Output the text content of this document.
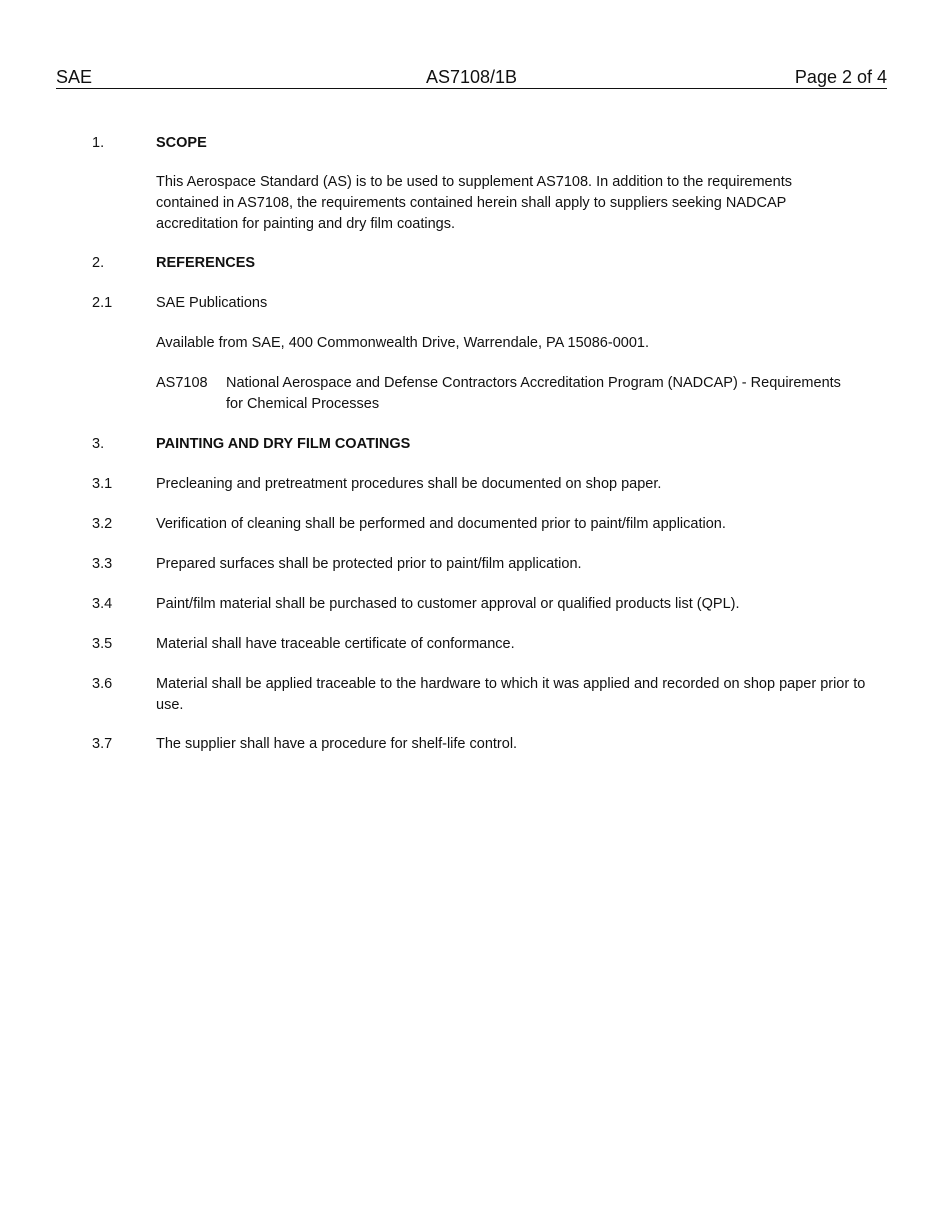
SAE	AS7108/1B	Page 2 of 4
1.	SCOPE
This Aerospace Standard (AS) is to be used to supplement AS7108. In addition to the requirements contained in AS7108, the requirements contained herein shall apply to suppliers seeking NADCAP accreditation for painting and dry film coatings.
2.	REFERENCES
2.1	SAE Publications
Available from SAE, 400 Commonwealth Drive, Warrendale, PA 15086-0001.
AS7108 National Aerospace and Defense Contractors Accreditation Program (NADCAP) - Requirements for Chemical Processes
3.	PAINTING AND DRY FILM COATINGS
3.1	Precleaning and pretreatment procedures shall be documented on shop paper.
3.2	Verification of cleaning shall be performed and documented prior to paint/film application.
3.3	Prepared surfaces shall be protected prior to paint/film application.
3.4	Paint/film material shall be purchased to customer approval or qualified products list (QPL).
3.5	Material shall have traceable certificate of conformance.
3.6	Material shall be applied traceable to the hardware to which it was applied and recorded on shop paper prior to use.
3.7	The supplier shall have a procedure for shelf-life control.
